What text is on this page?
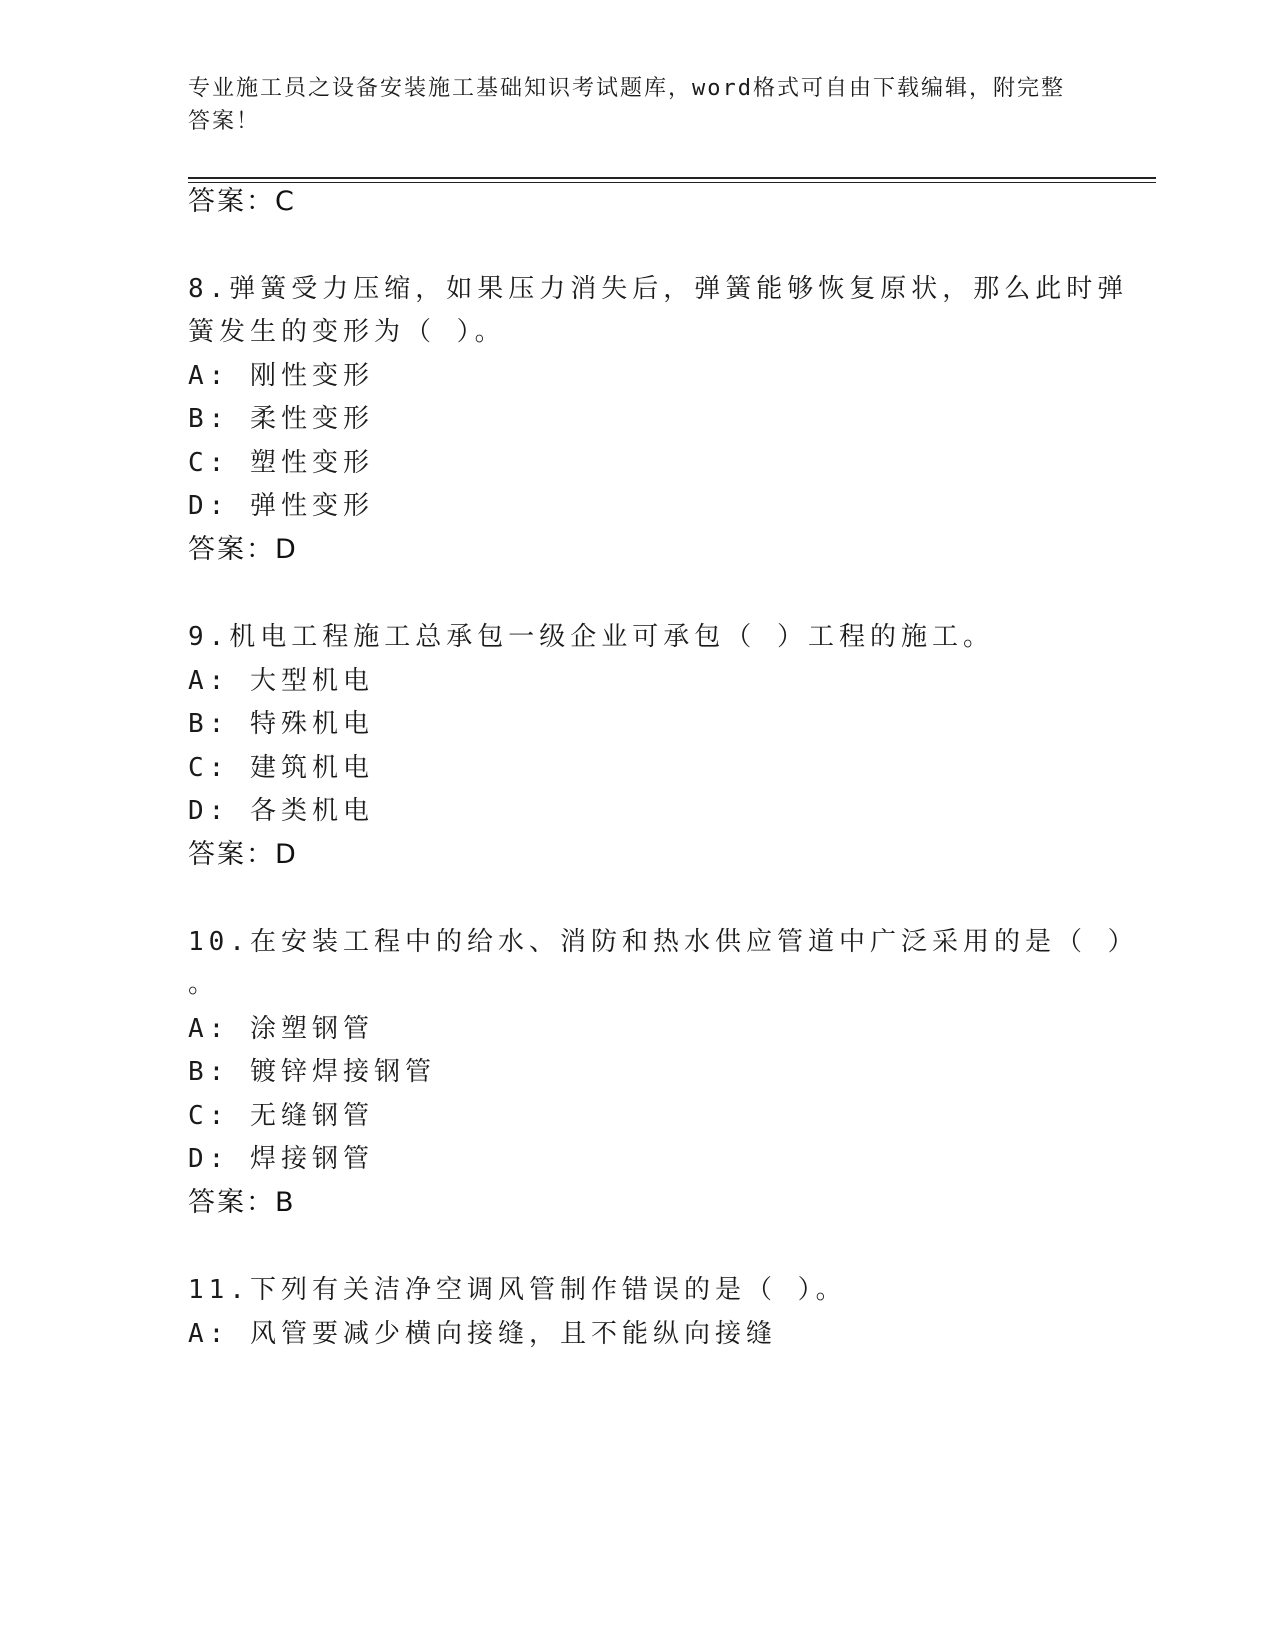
专业施工员之设备安装施工基础知识考试题库，word格式可自由下载编辑，附完整答案！
答案：C
8.弹簧受力压缩，如果压力消失后，弹簧能够恢复原状，那么此时弹
簧发生的变形为（ ）。
A: 刚性变形
B: 柔性变形
C: 塑性变形
D: 弹性变形
答案：D
9.机电工程施工总承包一级企业可承包（ ）工程的施工。
A: 大型机电
B: 特殊机电
C: 建筑机电
D: 各类机电
答案：D
10.在安装工程中的给水、消防和热水供应管道中广泛采用的是（ ）
。
A: 涂塑钢管
B: 镀锌焊接钢管
C: 无缝钢管
D: 焊接钢管
答案：B
11.下列有关洁净空调风管制作错误的是（ ）。
A: 风管要减少横向接缝，且不能纵向接缝
